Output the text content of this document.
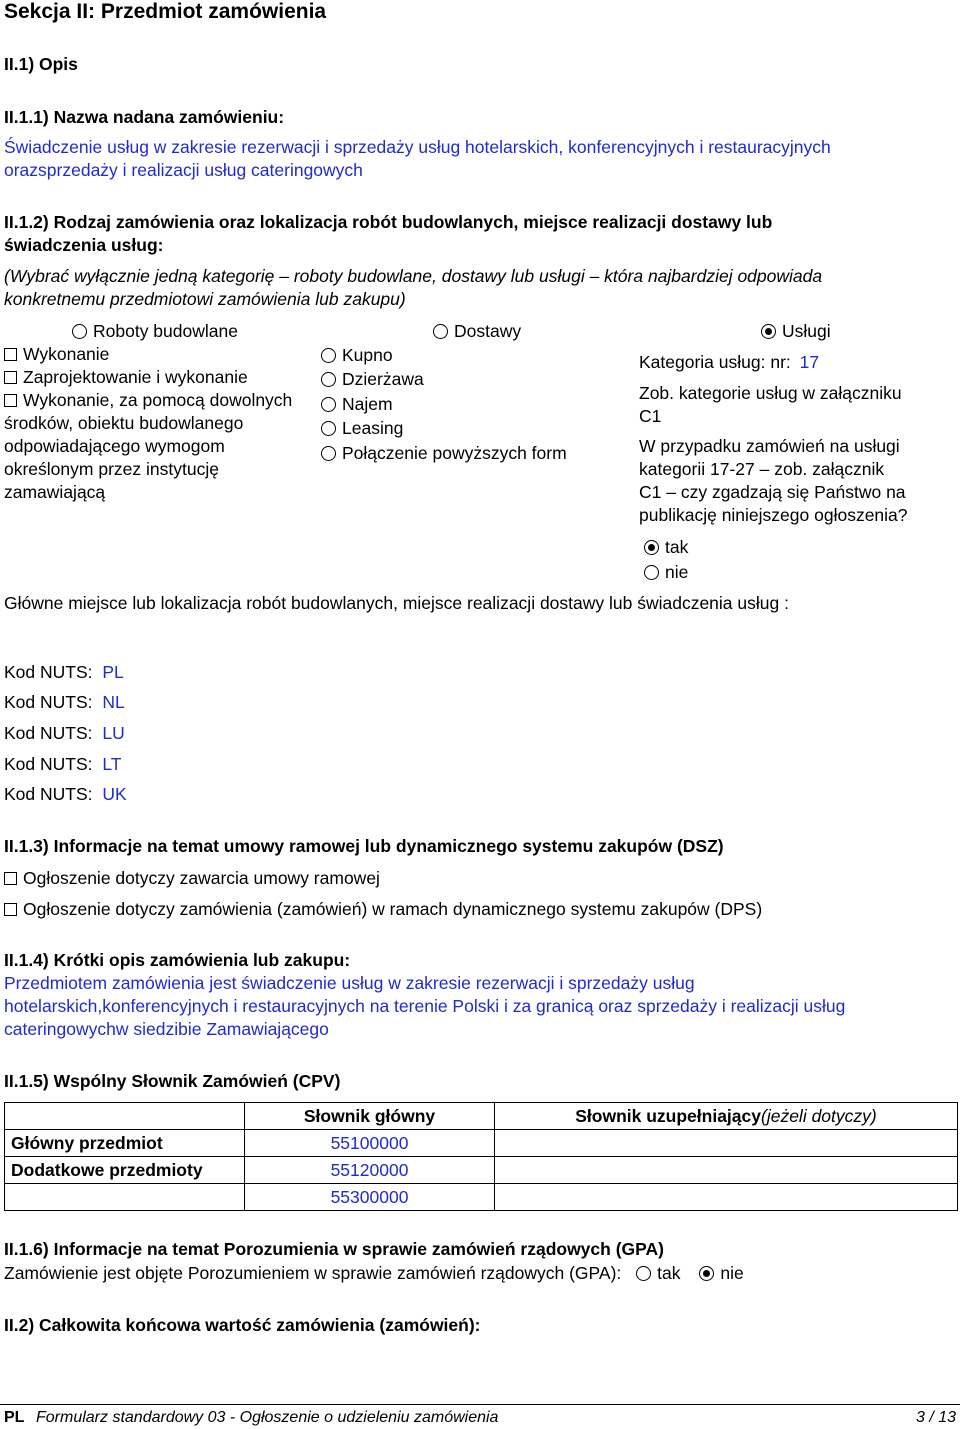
Sekcja II: Przedmiot zamówienia
II.1) Opis
II.1.1) Nazwa nadana zamówieniu:
Świadczenie usług w zakresie rezerwacji i sprzedaży usług hotelarskich, konferencyjnych i restauracyjnych
orazsprzedaży i realizacji usług cateringowych
II.1.2) Rodzaj zamówienia oraz lokalizacja robót budowlanych, miejsce realizacji dostawy lub
świadczenia usług:
(Wybrać wyłącznie jedną kategorię – roboty budowlane, dostawy lub usługi – która najbardziej odpowiada
konkretnemu przedmiotowi zamówienia lub zakupu)
Roboty budowlane
Wykonanie
Zaprojektowanie i wykonanie
Wykonanie, za pomocą dowolnych
środków, obiektu budowlanego
odpowiadającego wymogom
określonym przez instytucję
zamawiającą
Dostawy
Kupno
Dzierżawa
Najem
Leasing
Połączenie powyższych form
Usługi
Kategoria usług: nr: 17
Zob. kategorie usług w załączniku
C1
W przypadku zamówień na usługi
kategorii 17-27 – zob. załącznik
C1 – czy zgadzają się Państwo na
publikację niniejszego ogłoszenia?
tak
nie
Główne miejsce lub lokalizacja robót budowlanych, miejsce realizacji dostawy lub świadczenia usług :
Kod NUTS: PL
Kod NUTS: NL
Kod NUTS: LU
Kod NUTS: LT
Kod NUTS: UK
II.1.3) Informacje na temat umowy ramowej lub dynamicznego systemu zakupów (DSZ)
Ogłoszenie dotyczy zawarcia umowy ramowej
Ogłoszenie dotyczy zamówienia (zamówień) w ramach dynamicznego systemu zakupów (DPS)
II.1.4) Krótki opis zamówienia lub zakupu:
Przedmiotem zamówienia jest świadczenie usług w zakresie rezerwacji i sprzedaży usług
hotelarskich,konferencyjnych i restauracyjnych na terenie Polski i za granicą oraz sprzedaży i realizacji usług
cateringowychw siedzibie Zamawiającego
II.1.5) Wspólny Słownik Zamówień (CPV)
	Słownik główny	Słownik uzupełniający(jeżeli dotyczy)
Główny przedmiot	55100000	
Dodatkowe przedmioty	55120000	
	55300000	
II.1.6) Informacje na temat Porozumienia w sprawie zamówień rządowych (GPA)
Zamówienie jest objęte Porozumieniem w sprawie zamówień rządowych (GPA): tak nie
II.2) Całkowita końcowa wartość zamówienia (zamówień):
PL Formularz standardowy 03 - Ogłoszenie o udzieleniu zamówienia	3 / 13
